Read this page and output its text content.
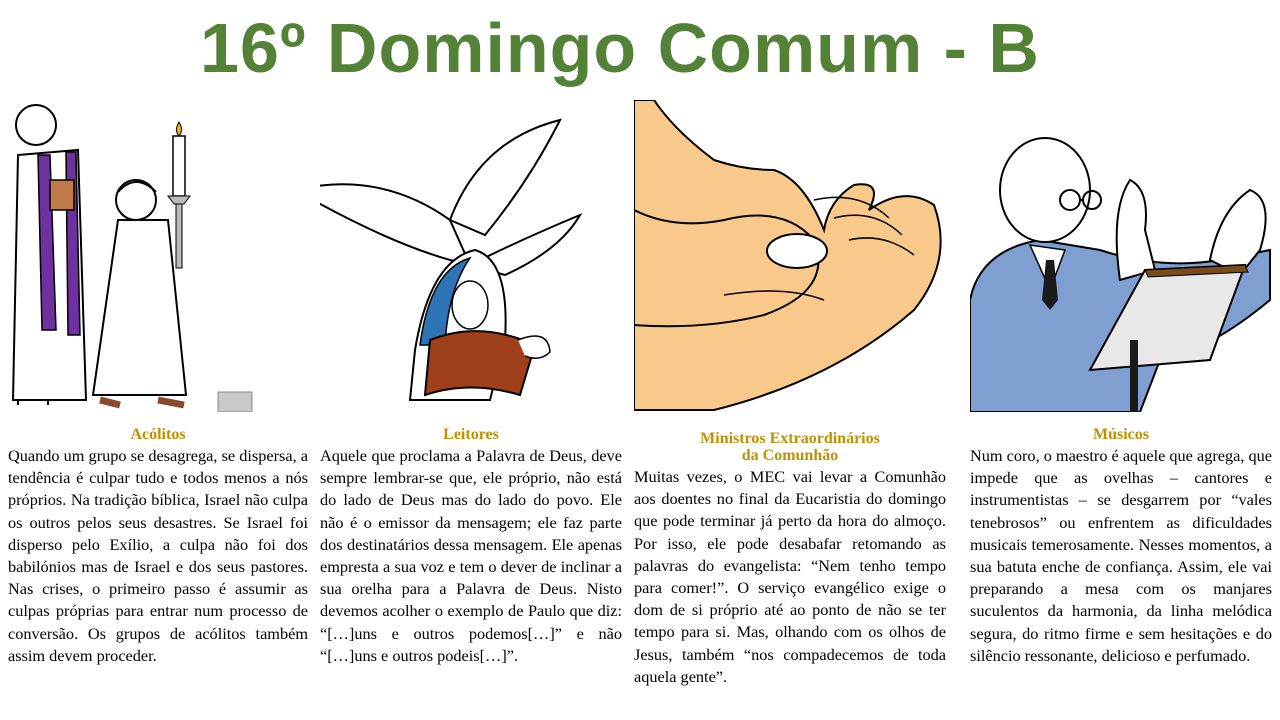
16º Domingo Comum - B
Acólitos
Quando um grupo se desagrega, se dispersa, a tendência é culpar tudo e todos menos a nós próprios. Na tradição bíblica, Israel não culpa os outros pelos seus desastres. Se Israel foi disperso pelo Exílio, a culpa não foi dos babilónios mas de Israel e dos seus pastores. Nas crises, o primeiro passo é assumir as culpas próprias para entrar num processo de conversão. Os grupos de acólitos também assim devem proceder.
Leitores
Aquele que proclama a Palavra de Deus, deve sempre lembrar-se que, ele próprio, não está do lado de Deus mas do lado do povo. Ele não é o emissor da mensagem; ele faz parte dos destinatários dessa mensagem. Ele apenas empresta a sua voz e tem o dever de inclinar a sua orelha para a Palavra de Deus. Nisto devemos acolher o exemplo de Paulo que diz: “[…]uns e outros podemos[…]” e não “[…]uns e outros podeis[…]”.
Ministros Extraordinários
da Comunhão
Muitas vezes, o MEC vai levar a Comunhão aos doentes no final da Eucaristia do domingo que pode terminar já perto da hora do almoço. Por isso, ele pode desabafar retomando as palavras do evangelista: “Nem tenho tempo para comer!”. O serviço evangélico exige o dom de si próprio até ao ponto de não se ter tempo para si. Mas, olhando com os olhos de Jesus, também “nos compadecemos de toda aquela gente”.
Músicos
Num coro, o maestro é aquele que agrega, que impede que as ovelhas – cantores e instrumentistas – se desgarrem por “vales tenebrosos” ou enfrentem as dificuldades musicais temerosamente. Nesses momentos, a sua batuta enche de confiança. Assim, ele vai preparando a mesa com os manjares suculentos da harmonia, da linha melódica segura, do ritmo firme e sem hesitações e do silêncio ressonante, delicioso e perfumado.
